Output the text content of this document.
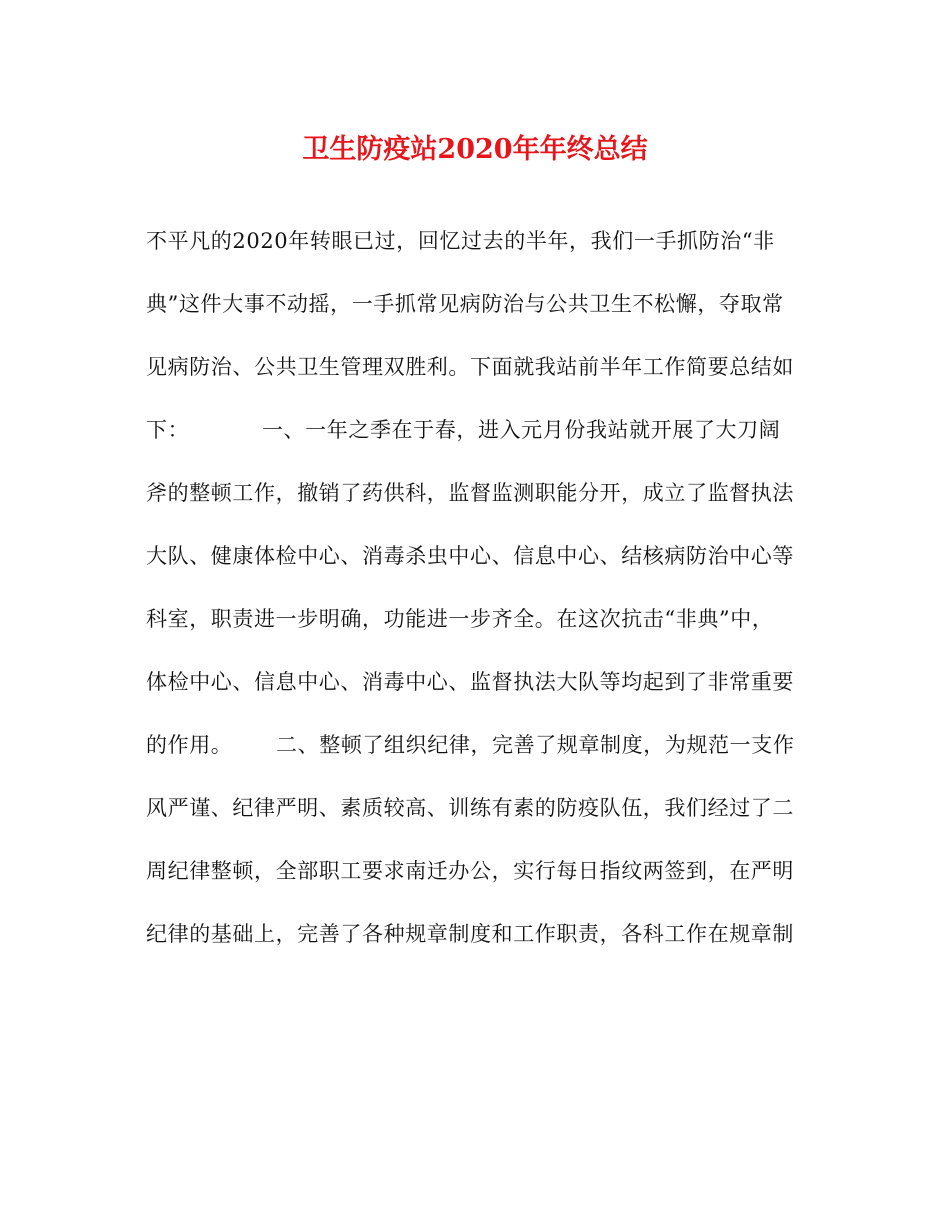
卫生防疫站2020年年终总结
不平凡的2020年转眼已过，回忆过去的半年，我们一手抓防治“非
典”这件大事不动摇，一手抓常见病防治与公共卫生不松懈，夺取常
见病防治、公共卫生管理双胜利。下面就我站前半年工作简要总结如
下：          一、一年之季在于春，进入元月份我站就开展了大刀阔
斧的整顿工作，撤销了药供科，监督监测职能分开，成立了监督执法
大队、健康体检中心、消毒杀虫中心、信息中心、结核病防治中心等
科室，职责进一步明确，功能进一步齐全。在这次抗击“非典”中，
体检中心、信息中心、消毒中心、监督执法大队等均起到了非常重要
的作用。      二、整顿了组织纪律，完善了规章制度，为规范一支作
风严谨、纪律严明、素质较高、训练有素的防疫队伍，我们经过了二
周纪律整顿，全部职工要求南迁办公，实行每日指纹两签到，在严明
纪律的基础上，完善了各种规章制度和工作职责，各科工作在规章制
